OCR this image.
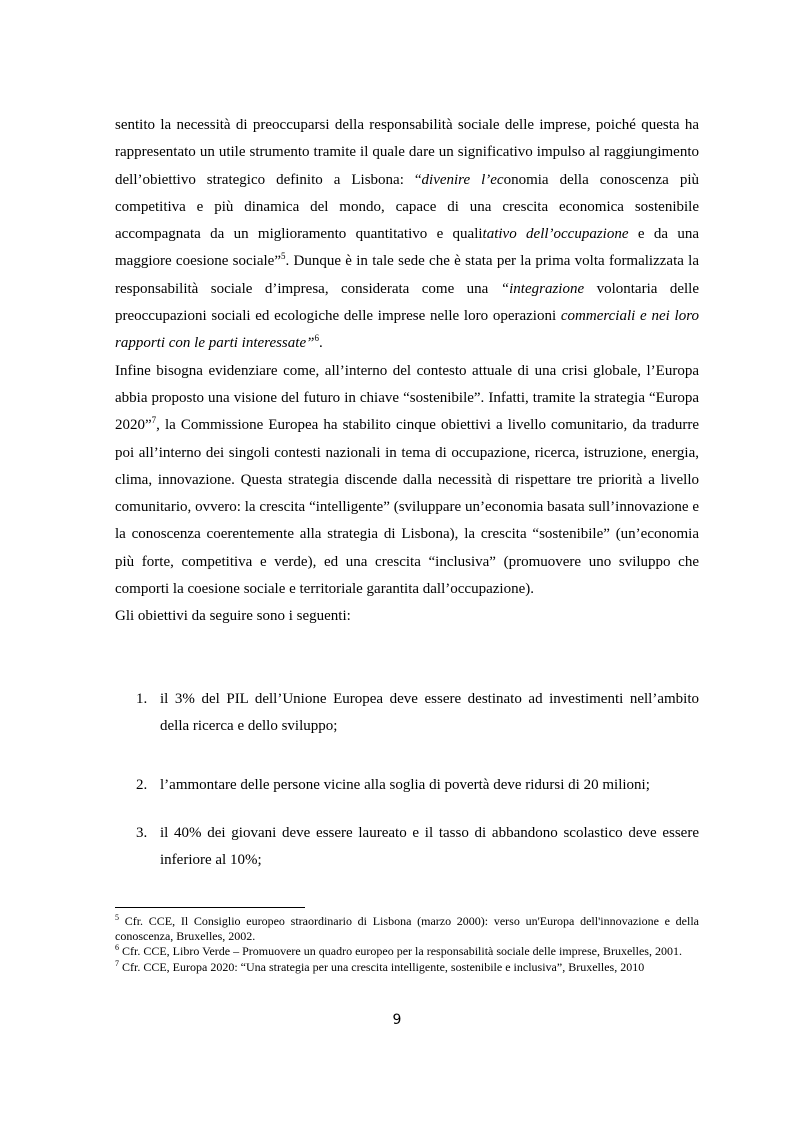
sentito la necessità di preoccuparsi della responsabilità sociale delle imprese, poiché questa ha rappresentato un utile strumento tramite il quale dare un significativo impulso al raggiungimento dell’obiettivo strategico definito a Lisbona: “divenire l’economia della conoscenza più competitiva e più dinamica del mondo, capace di una crescita economica sostenibile accompagnata da un miglioramento quantitativo e qualitativo dell’occupazione e da una maggiore coesione sociale”$^5$. Dunque è in tale sede che è stata per la prima volta formalizzata la responsabilità sociale d’impresa, considerata come una “integrazione volontaria delle preoccupazioni sociali ed ecologiche delle imprese nelle loro operazioni commerciali e nei loro rapporti con le parti interessate”$^6$.

Infine bisogna evidenziare come, all’interno del contesto attuale di una crisi globale, l’Europa abbia proposto una visione del futuro in chiave “sostenibile”. Infatti, tramite la strategia “Europa 2020”$^7$, la Commissione Europea ha stabilito cinque obiettivi a livello comunitario, da tradurre poi all’interno dei singoli contesti nazionali in tema di occupazione, ricerca, istruzione, energia, clima, innovazione. Questa strategia discende dalla necessità di rispettare tre priorità a livello comunitario, ovvero: la crescita “intelligente” (sviluppare un’economia basata sull’innovazione e la conoscenza coerentemente alla strategia di Lisbona), la crescita “sostenibile” (un’economia più forte, competitiva e verde), ed una crescita “inclusiva” (promuovere uno sviluppo che comporti la coesione sociale e territoriale garantita dall’occupazione).

Gli obiettivi da seguire sono i seguenti:

1. il 3% del PIL dell’Unione Europea deve essere destinato ad investimenti nell’ambito della ricerca e dello sviluppo;
2. l’ammontare delle persone vicine alla soglia di povertà deve ridursi di 20 milioni;
3. il 40% dei giovani deve essere laureato e il tasso di abbandono scolastico deve essere inferiore al 10%;

$^5$ Cfr. CCE, Il Consiglio europeo straordinario di Lisbona (marzo 2000): verso un'Europa dell'innovazione e della conoscenza, Bruxelles, 2002.

$^6$ Cfr. CCE, Libro Verde – Promuovere un quadro europeo per la responsabilità sociale delle imprese, Bruxelles, 2001.

$^7$ Cfr. CCE, Europa 2020: “Una strategia per una crescita intelligente, sostenibile e inclusiva”, Bruxelles, 2010

9
